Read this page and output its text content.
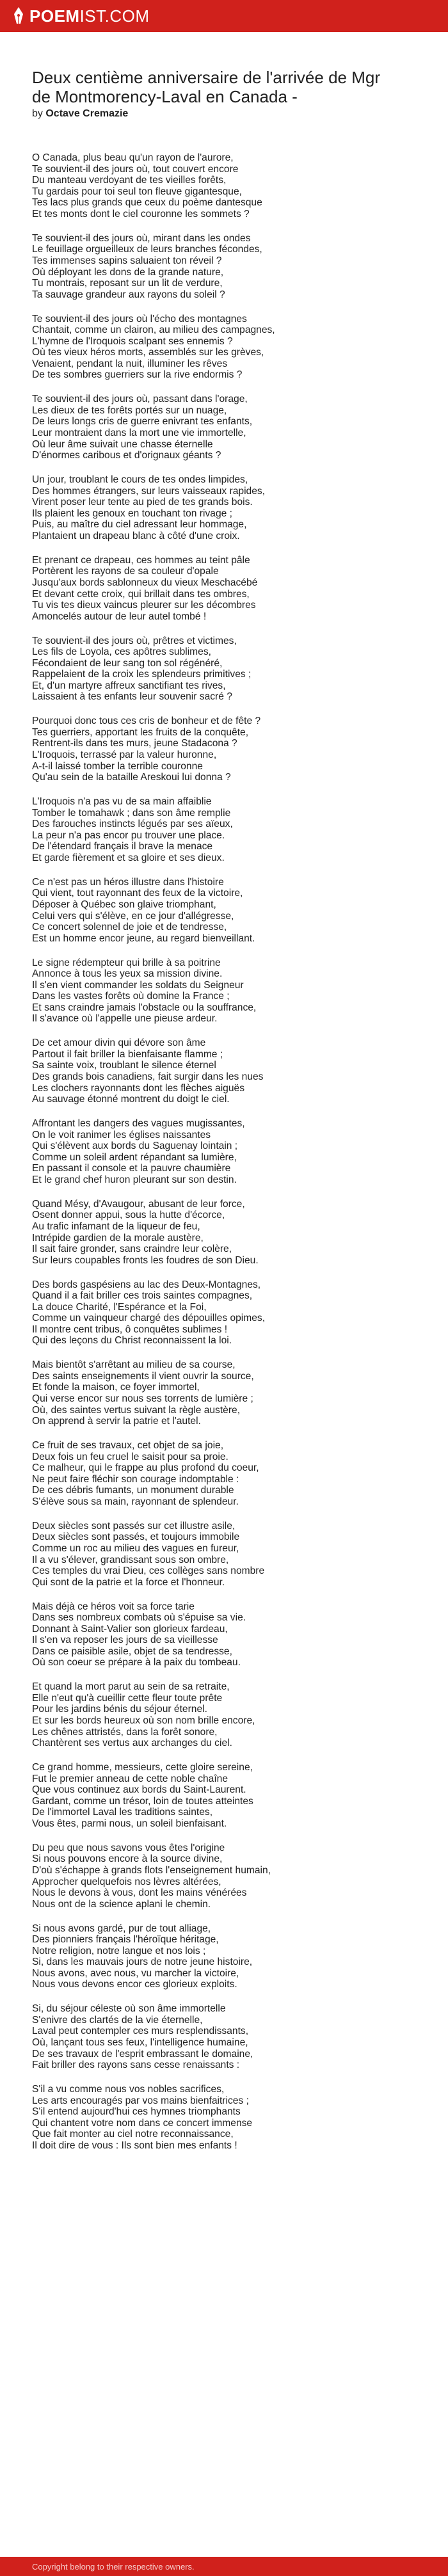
POEM IST.COM
Deux centième anniversaire de l'arrivée de Mgr de Montmorency-Laval en Canada -

by Octave Cremazie

O Canada, plus beau qu'un rayon de l'aurore,
Te souvient-il des jours où, tout couvert encore
Du manteau verdoyant de tes vieilles forêts,
Tu gardais pour toi seul ton fleuve gigantesque,
Tes lacs plus grands que ceux du poème dantesque
Et tes monts dont le ciel couronne les sommets ?
Te souvient-il des jours où, mirant dans les ondes
Le feuillage orgueilleux de leurs branches fécondes,
Tes immenses sapins saluaient ton réveil ?
Où déployant les dons de la grande nature,
Tu montrais, reposant sur un lit de verdure,
Ta sauvage grandeur aux rayons du soleil ?
Te souvient-il des jours où l'écho des montagnes
Chantait, comme un clairon, au milieu des campagnes,
L'hymne de l'Iroquois scalpant ses ennemis ?
Où tes vieux héros morts, assemblés sur les grèves,
Venaient, pendant la nuit, illuminer les rêves
De tes sombres guerriers sur la rive endormis ?
Te souvient-il des jours où, passant dans l'orage,
Les dieux de tes forêts portés sur un nuage,
De leurs longs cris de guerre enivrant tes enfants,
Leur montraient dans la mort une vie immortelle,
Où leur âme suivait une chasse éternelle
D'énormes caribous et d'orignaux géants ?
Un jour, troublant le cours de tes ondes limpides,
Des hommes étrangers, sur leurs vaisseaux rapides,
Virent poser leur tente au pied de tes grands bois.
Ils plaient les genoux en touchant ton rivage ;
Puis, au maître du ciel adressant leur hommage,
Plantaient un drapeau blanc à côté d'une croix.
Et prenant ce drapeau, ces hommes au teint pâle
Portèrent les rayons de sa couleur d'opale
Jusqu'aux bords sablonneux du vieux Meschacébé
Et devant cette croix, qui brillait dans tes ombres,
Tu vis tes dieux vaincus pleurer sur les décombres
Amoncelés autour de leur autel tombé !
Te souvient-il des jours où, prêtres et victimes,
Les fils de Loyola, ces apôtres sublimes,
Fécondaient de leur sang ton sol régénéré,
Rappelaient de la croix les splendeurs primitives ;
Et, d'un martyre affreux sanctifiant tes rives,
Laissaient à tes enfants leur souvenir sacré ?
Pourquoi donc tous ces cris de bonheur et de fête ?
Tes guerriers, apportant les fruits de la conquête,
Rentrent-ils dans tes murs, jeune Stadacona ?
L'Iroquois, terrassé par la valeur huronne,
A-t-il laissé tomber la terrible couronne
Qu'au sein de la bataille Areskoui lui donna ?
L'Iroquois n'a pas vu de sa main affaiblie
Tomber le tomahawk ; dans son âme remplie
Des farouches instincts légués par ses aïeux,
La peur n'a pas encor pu trouver une place.
De l'étendard français il brave la menace
Et garde fièrement et sa gloire et ses dieux.
Ce n'est pas un héros illustre dans l'histoire
Qui vient, tout rayonnant des feux de la victoire,
Déposer à Québec son glaive triomphant,
Celui vers qui s'élève, en ce jour d'allégresse,
Ce concert solennel de joie et de tendresse,
Est un homme encor jeune, au regard bienveillant.
Le signe rédempteur qui brille à sa poitrine
Annonce à tous les yeux sa mission divine.
Il s'en vient commander les soldats du Seigneur
Dans les vastes forêts où domine la France ;
Et sans craindre jamais l'obstacle ou la souffrance,
Il s'avance où l'appelle une pieuse ardeur.
De cet amour divin qui dévore son âme
Partout il fait briller la bienfaisante flamme ;
Sa sainte voix, troublant le silence éternel
Des grands bois canadiens, fait surgir dans les nues
Les clochers rayonnants dont les flèches aiguës
Au sauvage étonné montrent du doigt le ciel.
Affrontant les dangers des vagues mugissantes,
On le voit ranimer les églises naissantes
Qui s'élèvent aux bords du Saguenay lointain ;
Comme un soleil ardent répandant sa lumière,
En passant il console et la pauvre chaumière
Et le grand chef huron pleurant sur son destin.
Quand Mésy, d'Avaugour, abusant de leur force,
Osent donner appui, sous la hutte d'écorce,
Au trafic infamant de la liqueur de feu,
Intrépide gardien de la morale austère,
Il sait faire gronder, sans craindre leur colère,
Sur leurs coupables fronts les foudres de son Dieu.
Des bords gaspésiens au lac des Deux-Montagnes,
Quand il a fait briller ces trois saintes compagnes,
La douce Charité, l'Espérance et la Foi,
Comme un vainqueur chargé des dépouilles opimes,
Il montre cent tribus, ô conquêtes sublimes !
Qui des leçons du Christ reconnaissent la loi.
Mais bientôt s'arrêtant au milieu de sa course,
Des saints enseignements il vient ouvrir la source,
Et fonde la maison, ce foyer immortel,
Qui verse encor sur nous ses torrents de lumière ;
Où, des saintes vertus suivant la règle austère,
On apprend à servir la patrie et l'autel.
Ce fruit de ses travaux, cet objet de sa joie,
Deux fois un feu cruel le saisit pour sa proie.
Ce malheur, qui le frappe au plus profond du coeur,
Ne peut faire fléchir son courage indomptable :
De ces débris fumants, un monument durable
S'élève sous sa main, rayonnant de splendeur.
Deux siècles sont passés sur cet illustre asile,
Deux siècles sont passés, et toujours immobile
Comme un roc au milieu des vagues en fureur,
Il a vu s'élever, grandissant sous son ombre,
Ces temples du vrai Dieu, ces collèges sans nombre
Qui sont de la patrie et la force et l'honneur.
Mais déjà ce héros voit sa force tarie
Dans ses nombreux combats où s'épuise sa vie.
Donnant à Saint-Valier son glorieux fardeau,
Il s'en va reposer les jours de sa vieillesse
Dans ce paisible asile, objet de sa tendresse,
Où son coeur se prépare à la paix du tombeau.
Et quand la mort parut au sein de sa retraite,
Elle n'eut qu'à cueillir cette fleur toute prête
Pour les jardins bénis du séjour éternel.
Et sur les bords heureux où son nom brille encore,
Les chênes attristés, dans la forêt sonore,
Chantèrent ses vertus aux archanges du ciel.
Ce grand homme, messieurs, cette gloire sereine,
Fut le premier anneau de cette noble chaîne
Que vous continuez aux bords du Saint-Laurent.
Gardant, comme un trésor, loin de toutes atteintes
De l'immortel Laval les traditions saintes,
Vous êtes, parmi nous, un soleil bienfaisant.
Du peu que nous savons vous êtes l'origine
Si nous pouvons encore à la source divine,
D'où s'échappe à grands flots l'enseignement humain,
Approcher quelquefois nos lèvres altérées,
Nous le devons à vous, dont les mains vénérées
Nous ont de la science aplani le chemin.
Si nous avons gardé, pur de tout alliage,
Des pionniers français l'héroïque héritage,
Notre religion, notre langue et nos lois ;
Si, dans les mauvais jours de notre jeune histoire,
Nous avons, avec nous, vu marcher la victoire,
Nous vous devons encor ces glorieux exploits.
Si, du séjour céleste où son âme immortelle
S'enivre des clartés de la vie éternelle,
Laval peut contempler ces murs resplendissants,
Où, lançant tous ses feux, l'intelligence humaine,
De ses travaux de l'esprit embrassant le domaine,
Fait briller des rayons sans cesse renaissants :
S'il a vu comme nous vos nobles sacrifices,
Les arts encouragés par vos mains bienfaitrices ;
S'il entend aujourd'hui ces hymnes triomphants
Qui chantent votre nom dans ce concert immense
Que fait monter au ciel notre reconnaissance,
Il doit dire de vous : Ils sont bien mes enfants !
Copyright belong to their respective owners.
